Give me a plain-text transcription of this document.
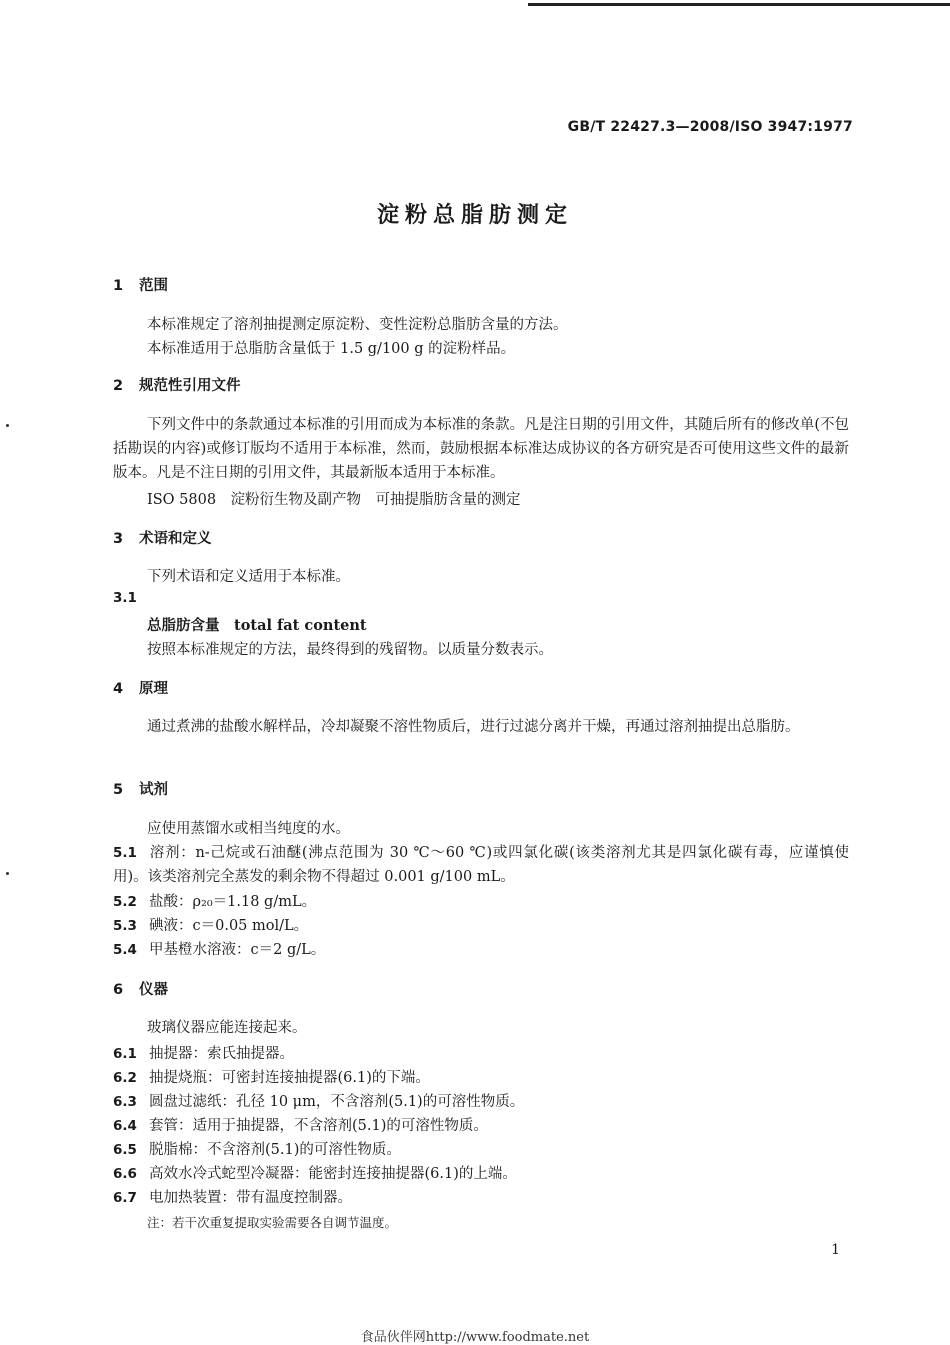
GB/T 22427.3—2008/ISO 3947:1977
淀粉总脂肪测定
1 范围
本标准规定了溶剂抽提测定原淀粉、变性淀粉总脂肪含量的方法。
本标准适用于总脂肪含量低于 1.5 g/100 g 的淀粉样品。
2 规范性引用文件
下列文件中的条款通过本标准的引用而成为本标准的条款。凡是注日期的引用文件，其随后所有的修改单(不包括勘误的内容)或修订版均不适用于本标准，然而，鼓励根据本标准达成协议的各方研究是否可使用这些文件的最新版本。凡是不注日期的引用文件，其最新版本适用于本标准。
ISO 5808　淀粉衍生物及副产物　可抽提脂肪含量的测定
3 术语和定义
下列术语和定义适用于本标准。
3.1
总脂肪含量　total fat content
按照本标准规定的方法，最终得到的残留物。以质量分数表示。
4 原理
通过煮沸的盐酸水解样品，冷却凝聚不溶性物质后，进行过滤分离并干燥，再通过溶剂抽提出总脂肪。
5 试剂
应使用蒸馏水或相当纯度的水。
5.1 溶剂：n-己烷或石油醚(沸点范围为 30 ℃～60 ℃)或四氯化碳(该类溶剂尤其是四氯化碳有毒，应谨慎使用)。该类溶剂完全蒸发的剩余物不得超过 0.001 g/100 mL。
5.2 盐酸：ρ₂₀＝1.18 g/mL。
5.3 碘液：c＝0.05 mol/L。
5.4 甲基橙水溶液：c＝2 g/L。
6 仪器
玻璃仪器应能连接起来。
6.1 抽提器：索氏抽提器。
6.2 抽提烧瓶：可密封连接抽提器(6.1)的下端。
6.3 圆盘过滤纸：孔径 10 μm，不含溶剂(5.1)的可溶性物质。
6.4 套管：适用于抽提器，不含溶剂(5.1)的可溶性物质。
6.5 脱脂棉：不含溶剂(5.1)的可溶性物质。
6.6 高效水冷式蛇型冷凝器：能密封连接抽提器(6.1)的上端。
6.7 电加热装置：带有温度控制器。
注：若干次重复提取实验需要各自调节温度。
1
食品伙伴网http://www.foodmate.net
